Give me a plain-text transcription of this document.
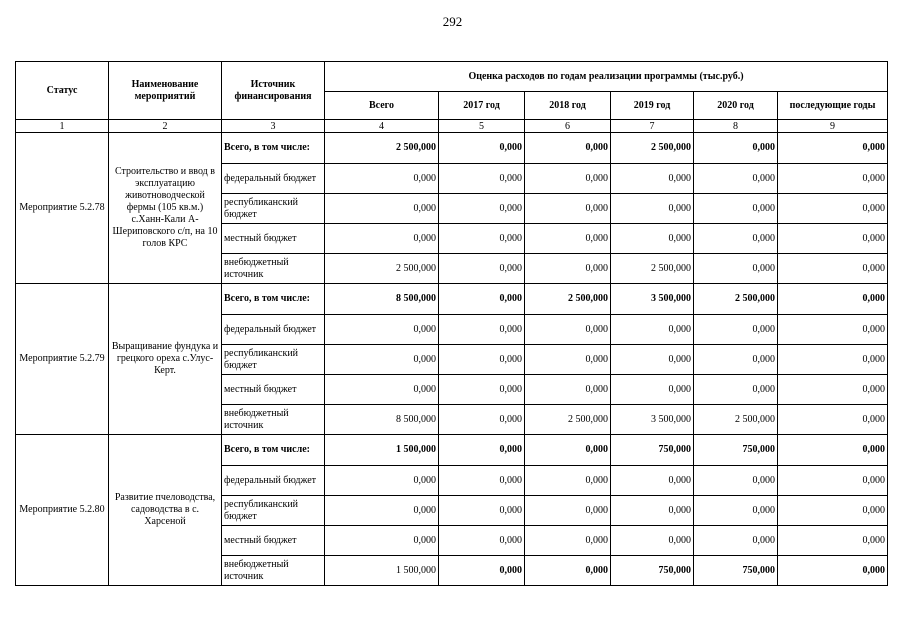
292
Статус	Наименование мероприятий	Источник финансирования	Оценка расходов по годам реализации программы (тыс.руб.)					
			Всего	2017 год	2018 год	2019 год	2020 год	последующие годы
1	2	3	4	5	6	7	8	9
Мероприятие 5.2.78	Строительство и ввод в эксплуатацию животноводческой фермы (105 кв.м.) с.Ханн-Кали А-Шериповского с/п, на 10 голов КРС	Всего, в том числе:	2 500,000	0,000	0,000	2 500,000	0,000	0,000
		федеральный бюджет	0,000	0,000	0,000	0,000	0,000	0,000
		республиканский бюджет	0,000	0,000	0,000	0,000	0,000	0,000
		местный бюджет	0,000	0,000	0,000	0,000	0,000	0,000
		внебюджетный источник	2 500,000	0,000	0,000	2 500,000	0,000	0,000
Мероприятие 5.2.79	Выращивание фундука и грецкого ореха с.Улус-Керт.	Всего, в том числе:	8 500,000	0,000	2 500,000	3 500,000	2 500,000	0,000
		федеральный бюджет	0,000	0,000	0,000	0,000	0,000	0,000
		республиканский бюджет	0,000	0,000	0,000	0,000	0,000	0,000
		местный бюджет	0,000	0,000	0,000	0,000	0,000	0,000
		внебюджетный источник	8 500,000	0,000	2 500,000	3 500,000	2 500,000	0,000
Мероприятие 5.2.80	Развитие пчеловодства, садоводства в с. Харсеной	Всего, в том числе:	1 500,000	0,000	0,000	750,000	750,000	0,000
		федеральный бюджет	0,000	0,000	0,000	0,000	0,000	0,000
		республиканский бюджет	0,000	0,000	0,000	0,000	0,000	0,000
		местный бюджет	0,000	0,000	0,000	0,000	0,000	0,000
		внебюджетный источник	1 500,000	0,000	0,000	750,000	750,000	0,000
